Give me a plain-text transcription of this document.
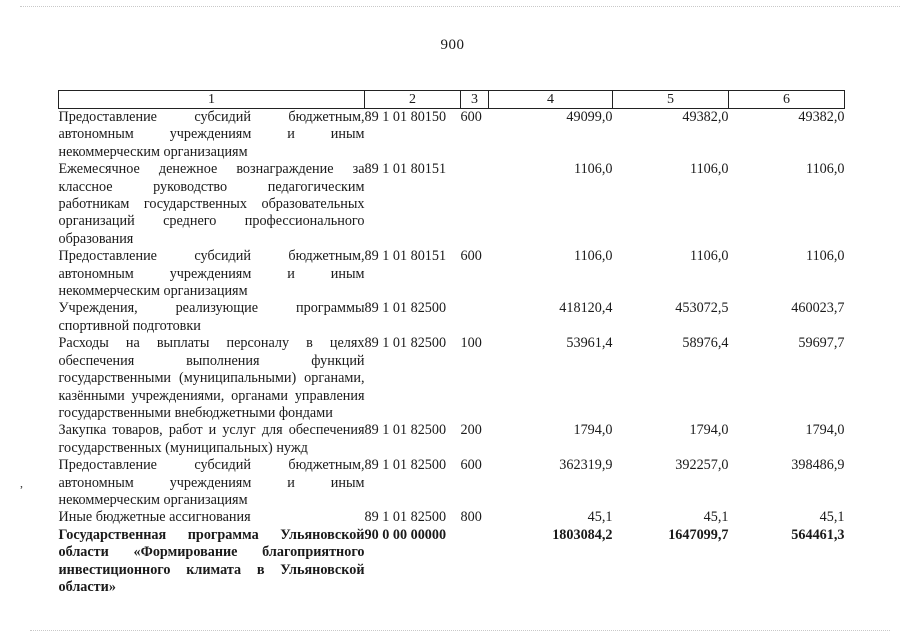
900
1	2	3	4	5	6
Предоставление субсидий бюджетным, автономным учреждениям и иным некоммерческим организациям	89 1 01 80150	600	49099,0	49382,0	49382,0
Ежемесячное денежное вознаграждение за классное руководство педагогическим работникам государственных образовательных организаций среднего профессионального образования	89 1 01 80151		1106,0	1106,0	1106,0
Предоставление субсидий бюджетным, автономным учреждениям и иным некоммерческим организациям	89 1 01 80151	600	1106,0	1106,0	1106,0
Учреждения, реализующие программы спортивной подготовки	89 1 01 82500		418120,4	453072,5	460023,7
Расходы на выплаты персоналу в целях обеспечения выполнения функций государственными (муниципальными) органами, казёнными учреждениями, органами управления государственными внебюджетными фондами	89 1 01 82500	100	53961,4	58976,4	59697,7
Закупка товаров, работ и услуг для обеспечения государственных (муниципальных) нужд	89 1 01 82500	200	1794,0	1794,0	1794,0
Предоставление субсидий бюджетным, автономным учреждениям и иным некоммерческим организациям	89 1 01 82500	600	362319,9	392257,0	398486,9
Иные бюджетные ассигнования	89 1 01 82500	800	45,1	45,1	45,1
Государственная программа Ульяновской области «Формирование благоприятного инвестиционного климата в Ульяновской области»	90 0 00 00000		1803084,2	1647099,7	564461,3
,
